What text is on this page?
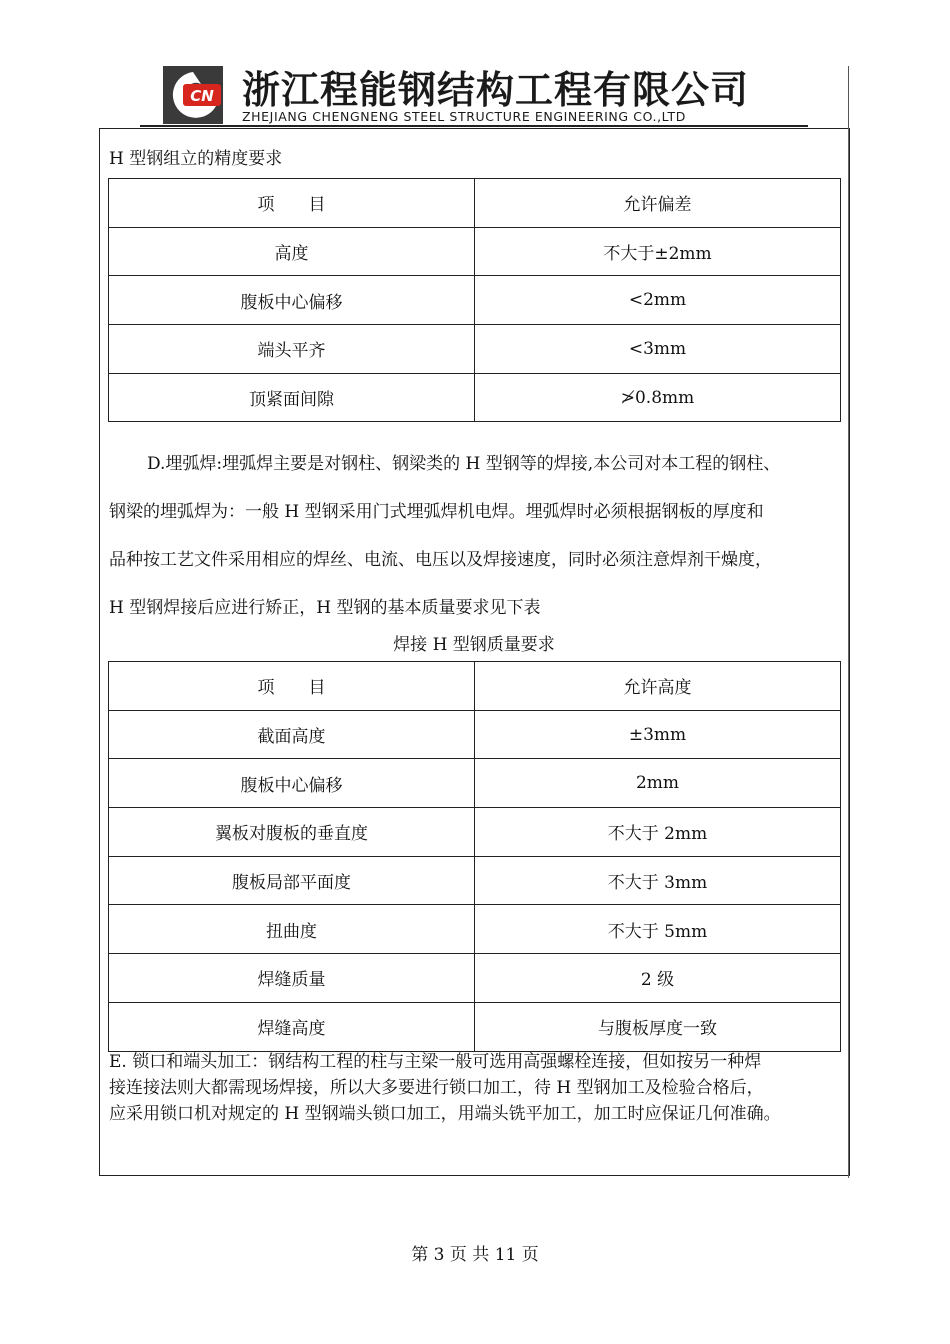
CN 浙江程能钢结构工程有限公司
ZHEJIANG CHENGNENG STEEL STRUCTURE ENGINEERING CO.,LTD
H 型钢组立的精度要求
项　　目	允许偏差
高度	不大于±2mm
腹板中心偏移	<2mm
端头平齐	<3mm
顶紧面间隙	≯0.8mm
D.埋弧焊:埋弧焊主要是对钢柱、钢梁类的 H 型钢等的焊接,本公司对本工程的钢柱、
钢梁的埋弧焊为：一般 H 型钢采用门式埋弧焊机电焊。埋弧焊时必须根据钢板的厚度和
品种按工艺文件采用相应的焊丝、电流、电压以及焊接速度，同时必须注意焊剂干燥度，
H 型钢焊接后应进行矫正，H 型钢的基本质量要求见下表
焊接 H 型钢质量要求
项　　目	允许高度
截面高度	±3mm
腹板中心偏移	2mm
翼板对腹板的垂直度	不大于 2mm
腹板局部平面度	不大于 3mm
扭曲度	不大于 5mm
焊缝质量	2 级
焊缝高度	与腹板厚度一致
E. 锁口和端头加工：钢结构工程的柱与主梁一般可选用高强螺栓连接，但如按另一种焊
接连接法则大都需现场焊接，所以大多要进行锁口加工，待 H 型钢加工及检验合格后，
应采用锁口机对规定的 H 型钢端头锁口加工，用端头铣平加工，加工时应保证几何准确。
第 3 页 共 11 页
